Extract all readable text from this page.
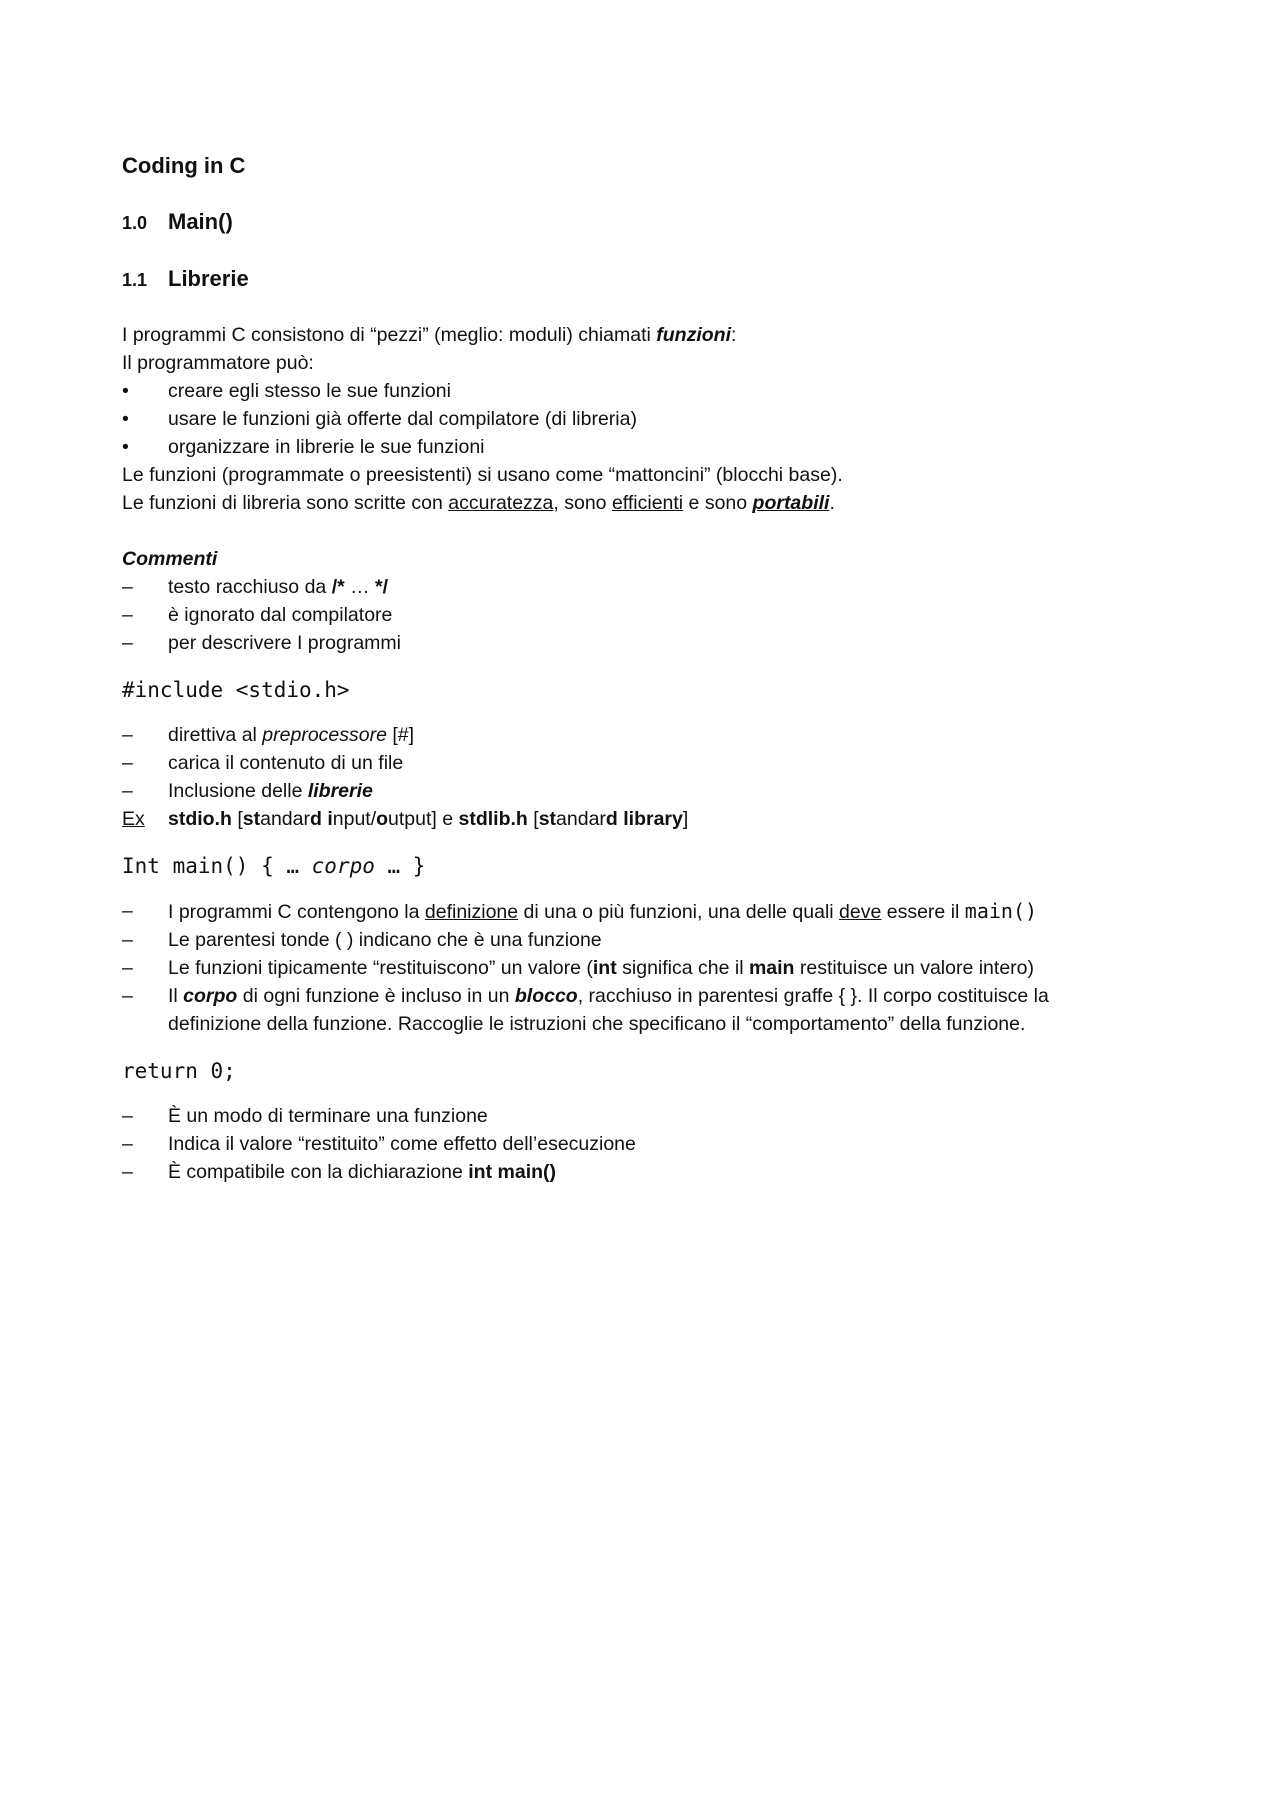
Coding in C
1.0 Main()
1.1 Librerie

I programmi C consistono di “pezzi” (meglio: moduli) chiamati funzioni:

Il programmatore può:

•	creare egli stesso le sue funzioni
•	usare le funzioni già offerte dal compilatore (di libreria)
•	organizzare in librerie le sue funzioni

Le funzioni (programmate o preesistenti) si usano come “mattoncini” (blocchi base).

Le funzioni di libreria sono scritte con accuratezza, sono efficienti e sono portabili.

Commenti

–	testo racchiuso da /* … */
–	è ignorato dal compilatore
–	per descrivere I programmi
#include <stdio.h>
–	direttiva al preprocessore [#]
–	carica il contenuto di un file
–	Inclusione delle librerie
Ex	stdio.h [standard input/output] e stdlib.h [standard library]
Int main() { … corpo … }
–	I programmi C contengono la definizione di una o più funzioni, una delle quali deve essere il main()
–	Le parentesi tonde ( ) indicano che è una funzione
–	Le funzioni tipicamente “restituiscono” un valore (int significa che il main restituisce un valore intero)
–	Il corpo di ogni funzione è incluso in un blocco, racchiuso in parentesi graffe { }. Il corpo costituisce la definizione della funzione. Raccoglie le istruzioni che specificano il “comportamento” della funzione.
return 0;
–	È un modo di terminare una funzione
–	Indica il valore “restituito” come effetto dell’esecuzione
–	È compatibile con la dichiarazione int main()
